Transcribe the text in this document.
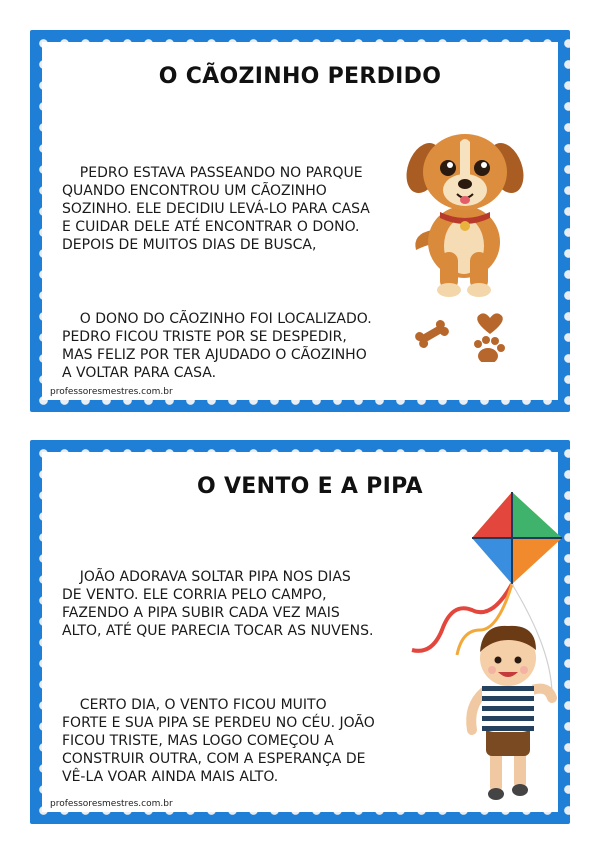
O CÃOZINHO PERDIDO

PEDRO ESTAVA PASSEANDO NO PARQUE
QUANDO ENCONTROU UM CÃOZINHO
SOZINHO. ELE DECIDIU LEVÁ-LO PARA CASA
E CUIDAR DELE ATÉ ENCONTRAR O DONO.
DEPOIS DE MUITOS DIAS DE BUSCA,

O DONO DO CÃOZINHO FOI LOCALIZADO.
PEDRO FICOU TRISTE POR SE DESPEDIR,
MAS FELIZ POR TER AJUDADO O CÃOZINHO
A VOLTAR PARA CASA.

professoresmestres.com.br
O VENTO E A PIPA

JOÃO ADORAVA SOLTAR PIPA NOS DIAS
DE VENTO. ELE CORRIA PELO CAMPO,
FAZENDO A PIPA SUBIR CADA VEZ MAIS
ALTO, ATÉ QUE PARECIA TOCAR AS NUVENS.

CERTO DIA, O VENTO FICOU MUITO
FORTE E SUA PIPA SE PERDEU NO CÉU. JOÃO
FICOU TRISTE, MAS LOGO COMEÇOU A
CONSTRUIR OUTRA, COM A ESPERANÇA DE
VÊ-LA VOAR AINDA MAIS ALTO.

professoresmestres.com.br
